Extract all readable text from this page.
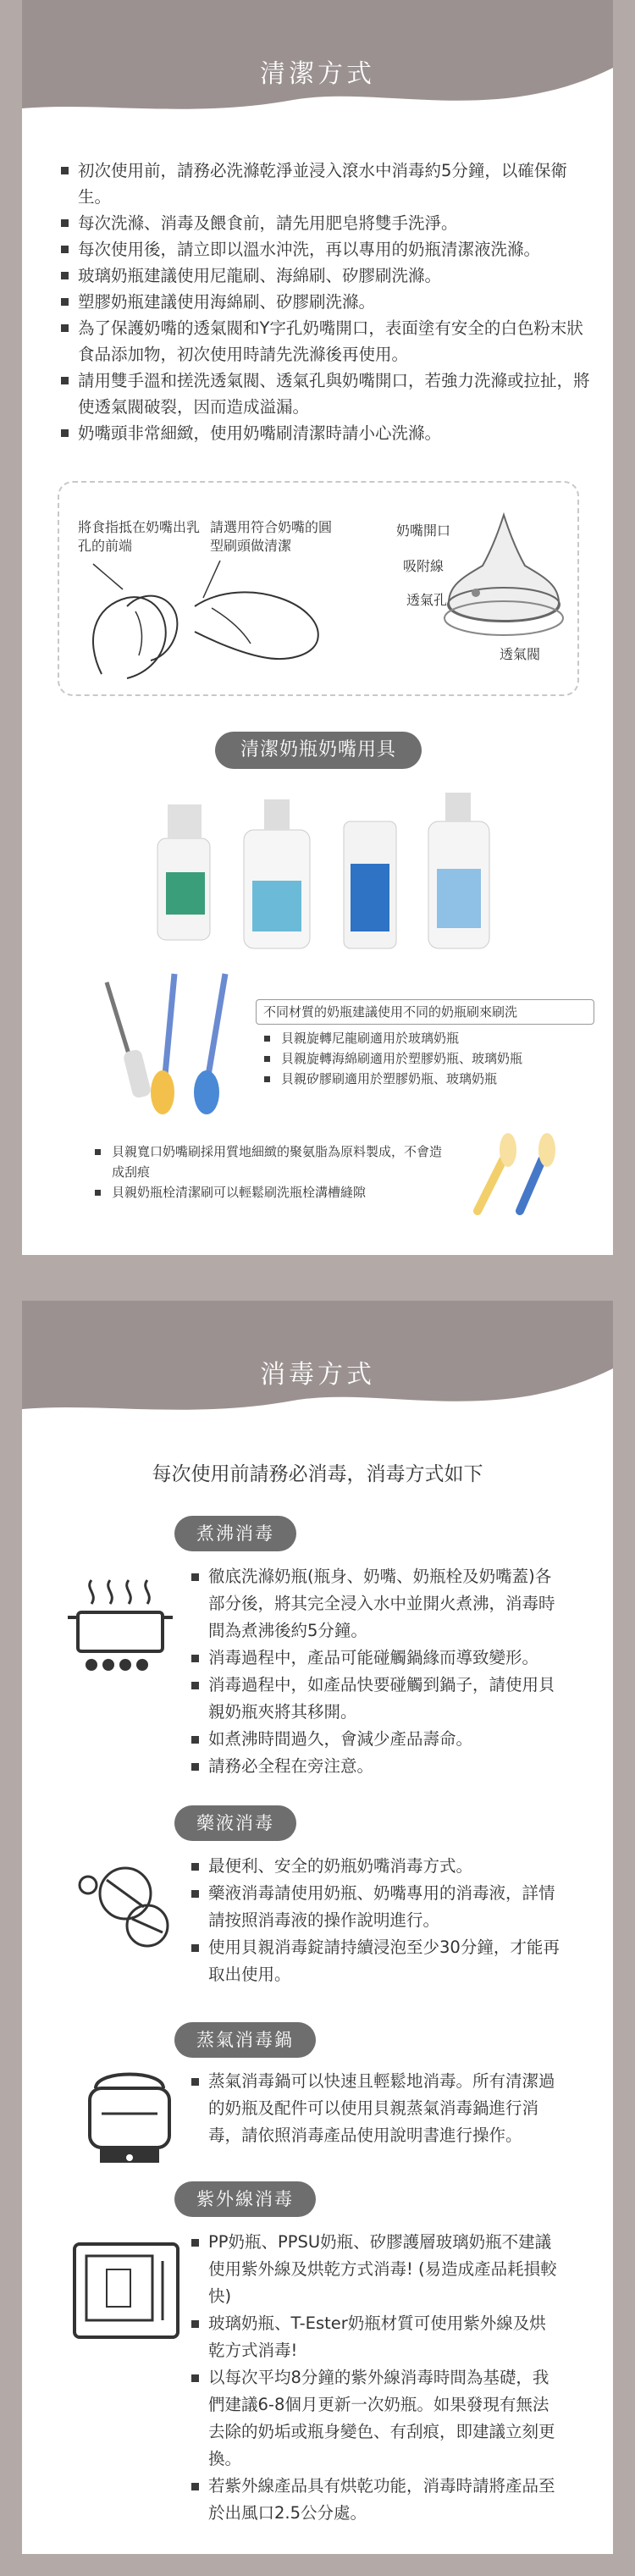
清潔方式
初次使用前，請務必洗滌乾淨並浸入滾水中消毒約5分鐘，以確保衛生。
每次洗滌、消毒及餵食前，請先用肥皂將雙手洗淨。
每次使用後，請立即以溫水沖洗，再以專用的奶瓶清潔液洗滌。
玻璃奶瓶建議使用尼龍刷、海綿刷、矽膠刷洗滌。
塑膠奶瓶建議使用海綿刷、矽膠刷洗滌。
為了保護奶嘴的透氣閥和Y字孔奶嘴開口，表面塗有安全的白色粉末狀食品添加物，初次使用時請先洗滌後再使用。
請用雙手溫和搓洗透氣閥、透氣孔與奶嘴開口，若強力洗滌或拉扯，將使透氣閥破裂，因而造成溢漏。
奶嘴頭非常細緻，使用奶嘴刷清潔時請小心洗滌。
將食指抵在奶嘴出乳孔的前端
請選用符合奶嘴的圓型刷頭做清潔
奶嘴開口
吸附線
透氣孔
透氣閥
清潔奶瓶奶嘴用具
不同材質的奶瓶建議使用不同的奶瓶刷來刷洗
貝親旋轉尼龍刷適用於玻璃奶瓶
貝親旋轉海綿刷適用於塑膠奶瓶、玻璃奶瓶
貝親矽膠刷適用於塑膠奶瓶、玻璃奶瓶
貝親寬口奶嘴刷採用質地細緻的聚氨脂為原料製成，不會造成刮痕
貝親奶瓶栓清潔刷可以輕鬆刷洗瓶栓溝槽縫隙
消毒方式
每次使用前請務必消毒，消毒方式如下
煮沸消毒
徹底洗滌奶瓶(瓶身、奶嘴、奶瓶栓及奶嘴蓋)各部分後，將其完全浸入水中並開火煮沸，消毒時間為煮沸後約5分鐘。
消毒過程中，產品可能碰觸鍋緣而導致變形。
消毒過程中，如產品快要碰觸到鍋子，請使用貝親奶瓶夾將其移開。
如煮沸時間過久，會減少產品壽命。
請務必全程在旁注意。
藥液消毒
最便利、安全的奶瓶奶嘴消毒方式。
藥液消毒請使用奶瓶、奶嘴專用的消毒液，詳情請按照消毒液的操作說明進行。
使用貝親消毒錠請持續浸泡至少30分鐘，才能再取出使用。
蒸氣消毒鍋
蒸氣消毒鍋可以快速且輕鬆地消毒。所有清潔過的奶瓶及配件可以使用貝親蒸氣消毒鍋進行消毒，請依照消毒產品使用說明書進行操作。
紫外線消毒
PP奶瓶、PPSU奶瓶、矽膠護層玻璃奶瓶不建議使用紫外線及烘乾方式消毒! (易造成產品耗損較快)
玻璃奶瓶、T-Ester奶瓶材質可使用紫外線及烘乾方式消毒!
以每次平均8分鐘的紫外線消毒時間為基礎，我們建議6-8個月更新一次奶瓶。如果發現有無法去除的奶垢或瓶身變色、有刮痕，即建議立刻更換。
若紫外線產品具有烘乾功能，消毒時請將產品至於出風口2.5公分處。
